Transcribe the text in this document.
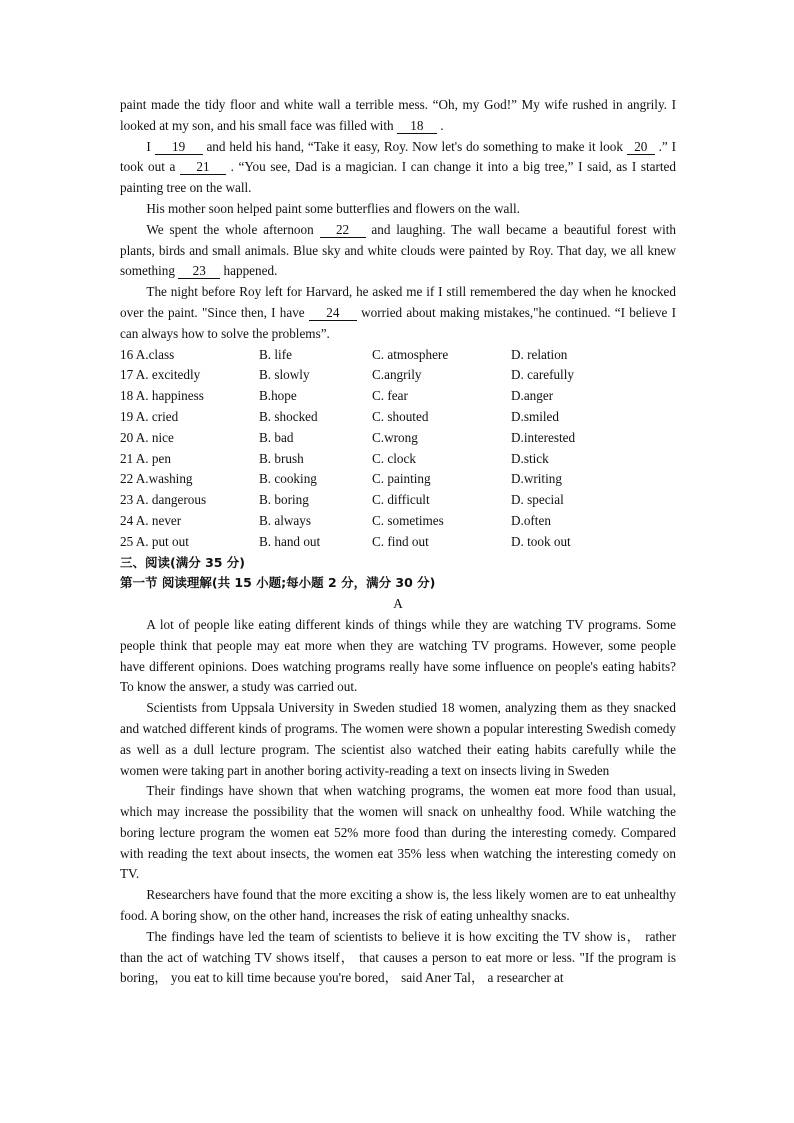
paint made the tidy floor and white wall a terrible mess. “Oh, my God!” My wife rushed in angrily. I looked at my son, and his small face was filled with 18 .

I 19 and held his hand, “Take it easy, Roy. Now let's do something to make it look 20 .” I took out a 21 . “You see, Dad is a magician. I can change it into a big tree,” I said, as I started painting tree on the wall.

His mother soon helped paint some butterflies and flowers on the wall.

We spent the whole afternoon 22 and laughing. The wall became a beautiful forest with plants, birds and small animals. Blue sky and white clouds were painted by Roy. That day, we all knew something 23 happened.

The night before Roy left for Harvard, he asked me if I still remembered the day when he knocked over the paint. "Since then, I have 24 worried about making mistakes,"he continued. “I believe I can always how to solve the problems”.

16 A.class	B. life	C. atmosphere	D. relation
17 A. excitedly	B. slowly	C.angrily	D. carefully
18 A. happiness	B.hope	C. fear	D.anger
19 A. cried	B. shocked	C. shouted	D.smiled
20 A. nice	B. bad	C.wrong	D.interested
21 A. pen	B. brush	C. clock	D.stick
22 A.washing	B. cooking	C. painting	D.writing
23 A. dangerous	B. boring	C. difficult	D. special
24 A. never	B. always	C. sometimes	D.often
25 A. put out	B. hand out	C. find out	D. took out

三、阅读(满分 35 分)

第一节 阅读理解(共 15 小题;每小题 2 分，满分 30 分)

A

A lot of people like eating different kinds of things while they are watching TV programs. Some people think that people may eat more when they are watching TV programs. However, some people have different opinions. Does watching programs really have some influence on people's eating habits? To know the answer, a study was carried out.

Scientists from Uppsala University in Sweden studied 18 women, analyzing them as they snacked and watched different kinds of programs. The women were shown a popular interesting Swedish comedy as well as a dull lecture program. The scientist also watched their eating habits carefully while the women were taking part in another boring activity-reading a text on insects living in Sweden

Their findings have shown that when watching programs, the women eat more food than usual, which may increase the possibility that the women will snack on unhealthy food. While watching the boring lecture program the women eat 52% more food than during the interesting comedy. Compared with reading the text about insects, the women eat 35% less when watching the interesting comedy on TV.

Researchers have found that the more exciting a show is, the less likely women are to eat unhealthy food. A boring show, on the other hand, increases the risk of eating unhealthy snacks.

The findings have led the team of scientists to believe it is how exciting the TV show is， rather than the act of watching TV shows itself， that causes a person to eat more or less. "If the program is boring， you eat to kill time because you're bored， said Aner Tal， a researcher at
